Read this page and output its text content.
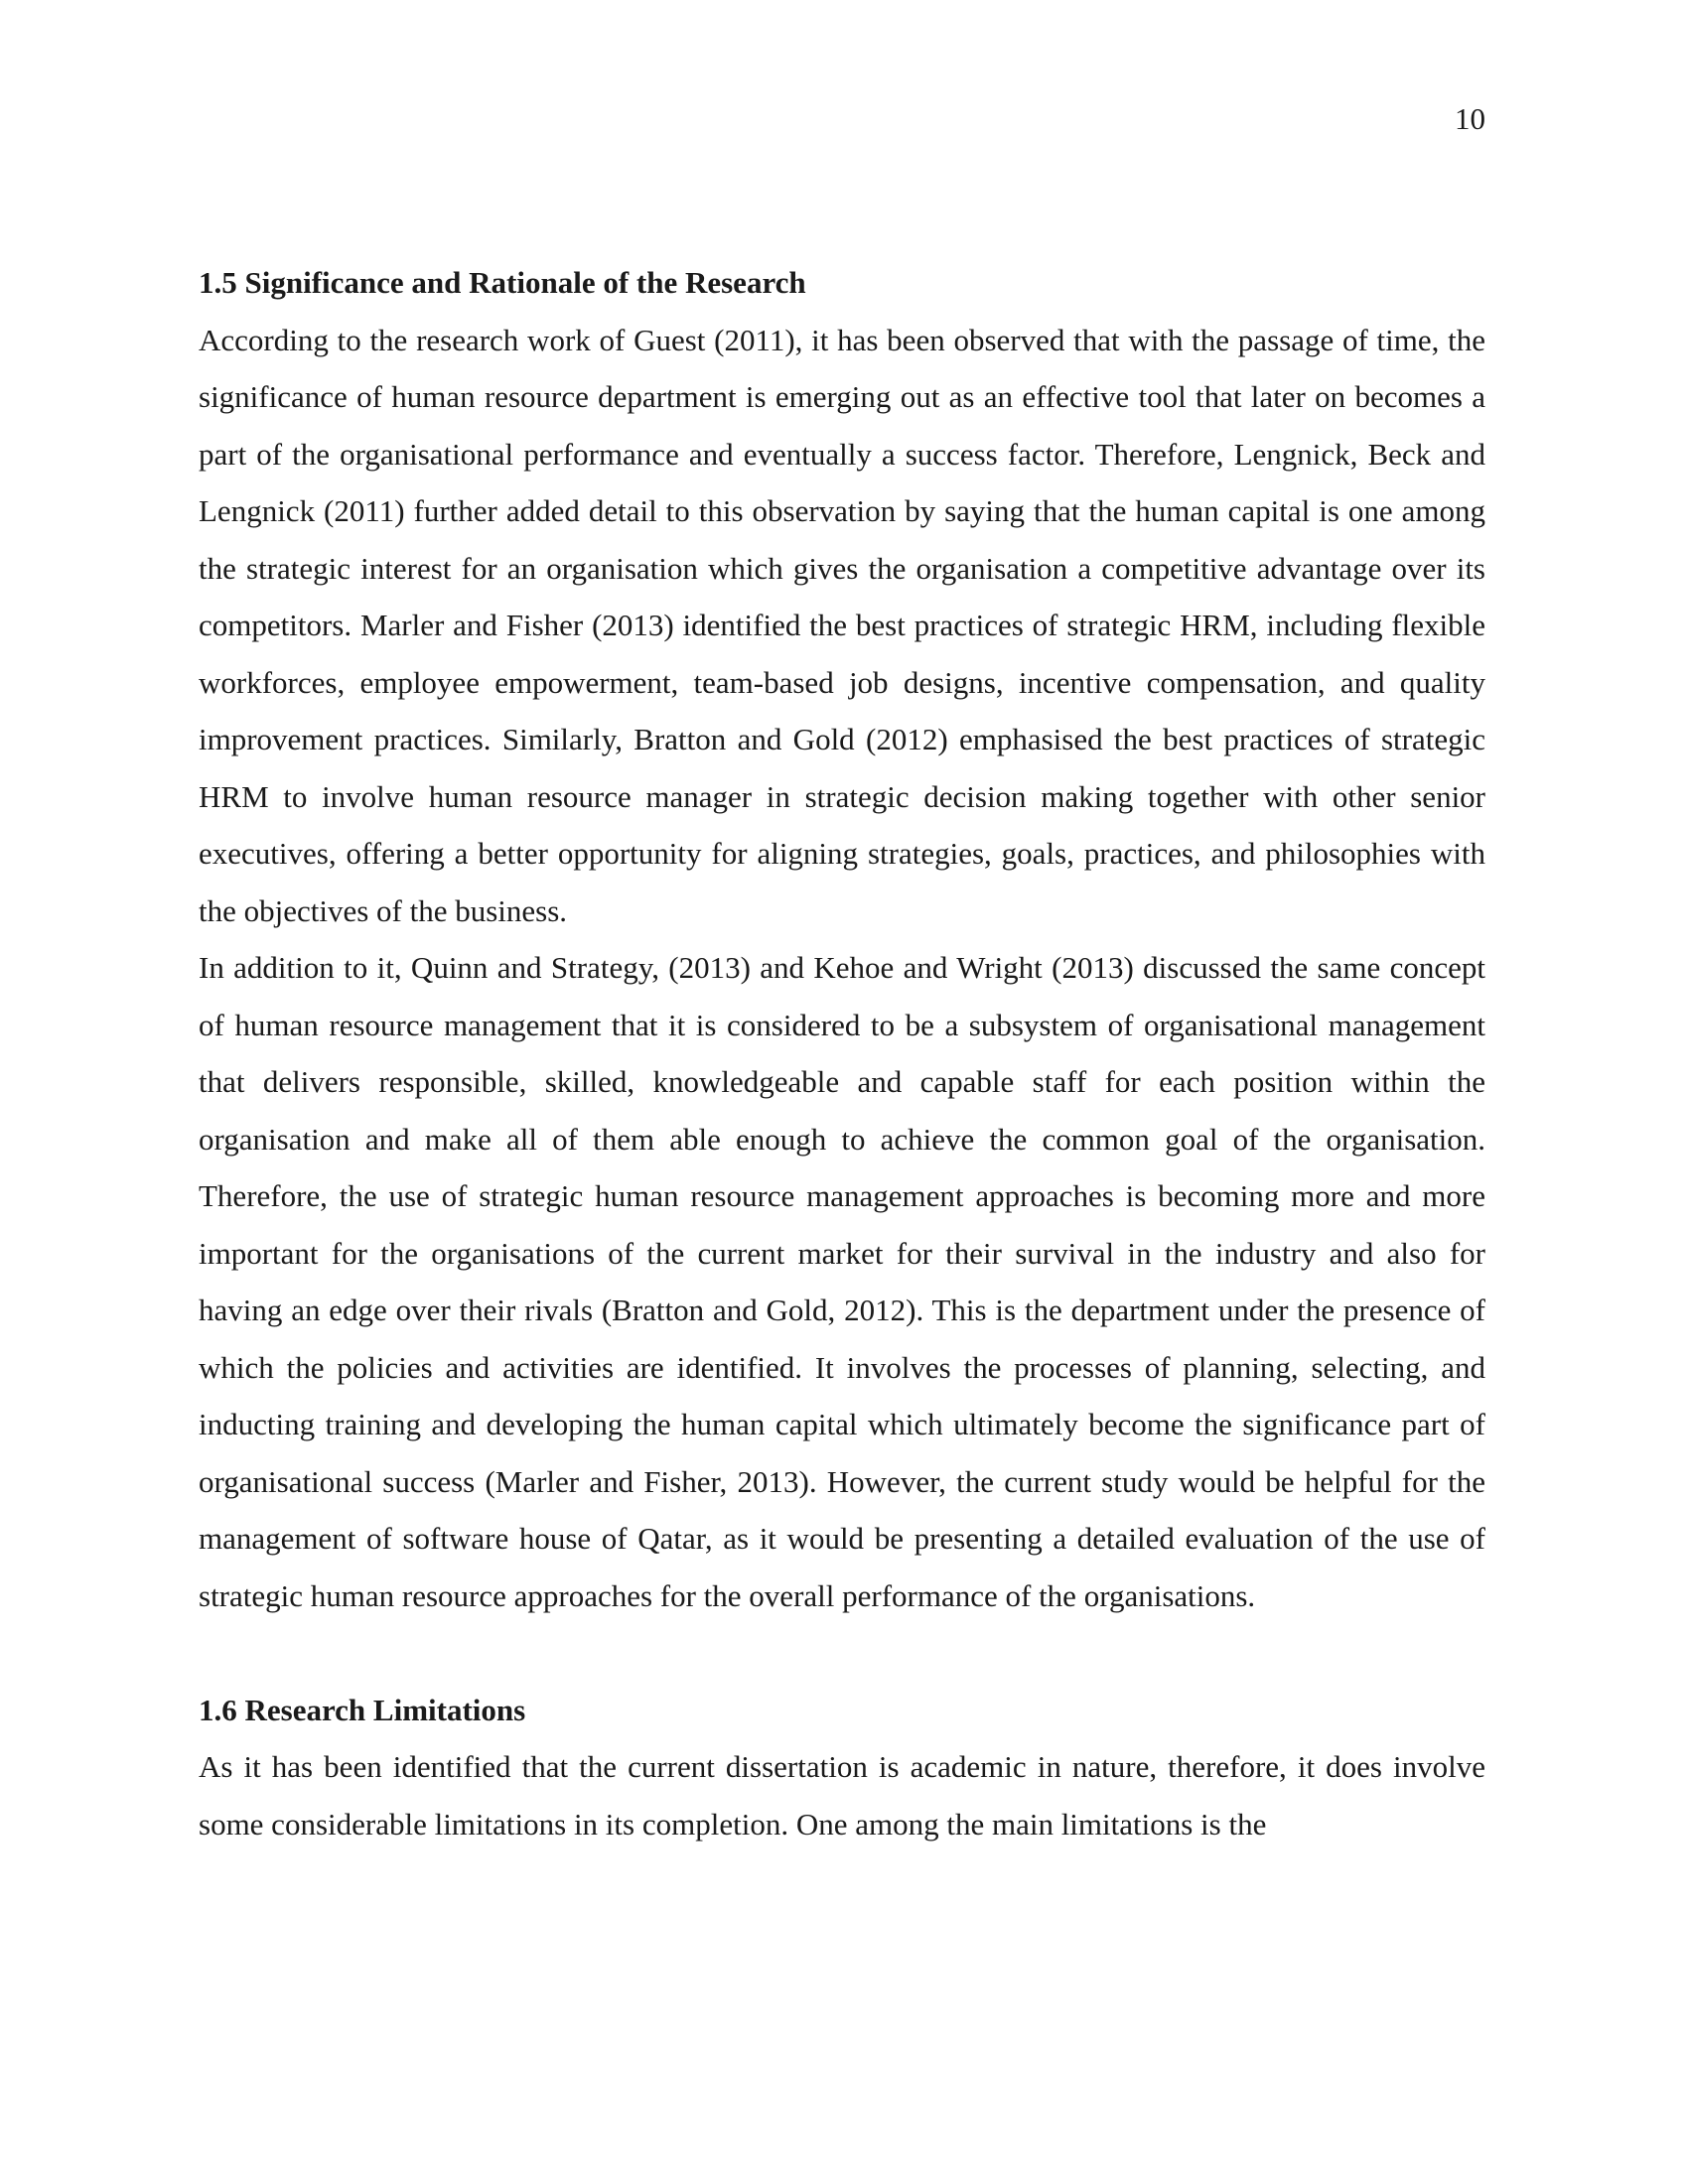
10

1.5 Significance and Rationale of the Research

According to the research work of Guest (2011), it has been observed that with the passage of time, the significance of human resource department is emerging out as an effective tool that later on becomes a part of the organisational performance and eventually a success factor. Therefore, Lengnick, Beck and Lengnick (2011) further added detail to this observation by saying that the human capital is one among the strategic interest for an organisation which gives the organisation a competitive advantage over its competitors. Marler and Fisher (2013) identified the best practices of strategic HRM, including flexible workforces, employee empowerment, team-based job designs, incentive compensation, and quality improvement practices. Similarly, Bratton and Gold (2012) emphasised the best practices of strategic HRM to involve human resource manager in strategic decision making together with other senior executives, offering a better opportunity for aligning strategies, goals, practices, and philosophies with the objectives of the business.

In addition to it, Quinn and Strategy, (2013) and Kehoe and Wright (2013) discussed the same concept of human resource management that it is considered to be a subsystem of organisational management that delivers responsible, skilled, knowledgeable and capable staff for each position within the organisation and make all of them able enough to achieve the common goal of the organisation. Therefore, the use of strategic human resource management approaches is becoming more and more important for the organisations of the current market for their survival in the industry and also for having an edge over their rivals (Bratton and Gold, 2012). This is the department under the presence of which the policies and activities are identified. It involves the processes of planning, selecting, and inducting training and developing the human capital which ultimately become the significance part of organisational success (Marler and Fisher, 2013). However, the current study would be helpful for the management of software house of Qatar, as it would be presenting a detailed evaluation of the use of strategic human resource approaches for the overall performance of the organisations.

1.6 Research Limitations

As it has been identified that the current dissertation is academic in nature, therefore, it does involve some considerable limitations in its completion. One among the main limitations is the
